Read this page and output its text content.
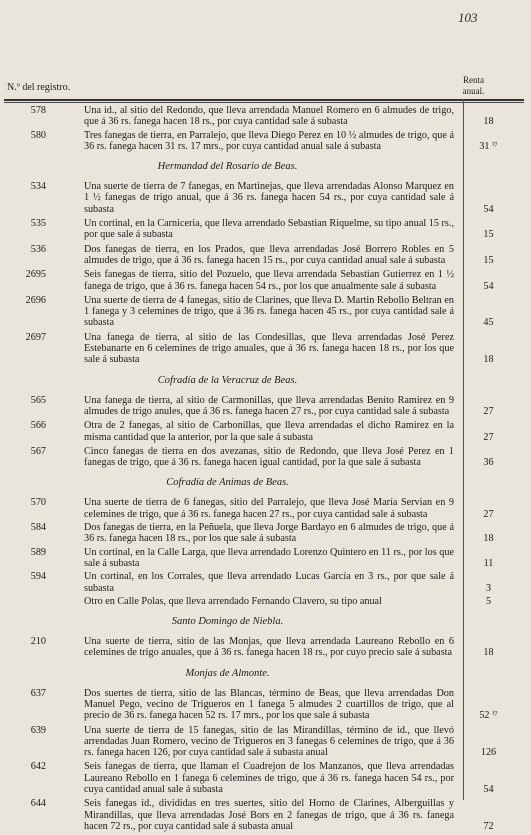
103
N.º del registro.
Renta
anual.
578	Una id., al sitio del Redondo, que lleva arrendada Manuel Romero en 6 almudes de trigo, que á 36 rs. fanega hacen 18 rs., por cuya cantidad sale á subasta	18
580	Tres fanegas de tierra, en Parralejo, que lleva Diego Perez en 10 ½ almudes de trigo, que á 36 rs. fanega hacen 31 rs. 17 mrs., por cuya cantidad anual sale á subasta	31 ⁱ⁷
Hermandad del Rosario de Beas.
534	Una suerte de tierra de 7 fanegas, en Martinejas, que lleva arrendadas Alonso Marquez en 1 ½ fanegas de trigo anual, que á 36 rs. fanega hacen 54 rs., por cuya cantidad sale á subasta	54
535	Un cortinal, en la Carniceria, que lleva arrendado Sebastian Riquelme, su tipo anual 15 rs., por que sale á subasta	15
536	Dos fanegas de tierra, en los Prados, que lleva arrendadas José Borrero Robles en 5 almudes de trigo, que á 36 rs. fanega hacen 15 rs., por cuya cantidad anual sale á subasta	15
2695	Seis fanegas de tierra, sitio del Pozuelo, que lleva arrendada Sebastian Gutierrez en 1 ½ fanega de trigo, que á 36 rs. fanega hacen 54 rs., por los que anualmente sale á subasta	54
2696	Una suerte de tierra de 4 fanegas, sitio de Clarines, que lleva D. Martin Rebollo Beltran en 1 fanega y 3 celemines de trigo, que á 36 rs. fanega hacen 45 rs., por cuya cantidad sale á subasta	45
2697	Una fanega de tierra, al sitio de las Condesillas, que lleva arrendadas José Perez Estebanarte en 6 celemines de trigo anuales, que á 36 rs. fanega hacen 18 rs., por los que sale á subasta	18
Cofradía de la Veracruz de Beas.
565	Una fanega de tierra, al sitio de Carmonillas, que lleva arrendadas Benito Ramirez en 9 almudes de trigo anules, que á 36 rs. fanega hacen 27 rs., por cuya cantidad sale á subasta	27
566	Otra de 2 fanegas, al sitio de Carbonillas, que lleva arrendadas el dicho Ramirez en la misma cantidad que la anterior, por la que sale á subasta	27
567	Cinco fanegas de tierra en dos avezanas, sitio de Redondo, que lleva José Perez en 1 fanegas de trigo, que á 36 rs. fanega hacen igual cantidad, por la que sale á subasta	36
Cofradía de Animas de Beas.
570	Una suerte de tierra de 6 fanegas, sitio del Parralejo, que lleva José María Servian en 9 celemines de trigo, que á 36 rs. fanega hacen 27 rs., por cuya cantidad sale á subasta	27
584	Dos fanegas de tierra, en la Peñuela, que lleva Jorge Bardayo en 6 almudes de trigo, que á 36 rs. fanega hacen 18 rs., por los que sale á subasta	18
589	Un cortinal, en la Calle Larga, que lleva arrendado Lorenzo Quintero en 11 rs., por los que sale á subasta	11
594	Un cortinal, en los Corrales, que lleva arrendado Lucas García en 3 rs., por que sale á subasta	3
Otro en Calle Polas, que lleva arrendado Fernando Clavero, su tipo anual	5
Santo Domingo de Niebla.
210	Una suerte de tierra, sitio de las Monjas, que lleva arrendada Laureano Rebollo en 6 celemines de trigo anuales, que á 36 rs. fanega hacen 18 rs., por cuyo precio sale á subasta	18
Monjas de Almonte.
637	Dos suertes de tierra, sitio de las Blancas, término de Beas, que lleva arrendadas Don Manuel Pego, vecino de Trigueros en 1 fanega 5 almudes 2 cuartillos de trigo, que al precio de 36 rs. fanega hacen 52 rs. 17 mrs., por los que sale á subasta	52 ⁱ⁷
639	Una suerte de tierra de 15 fanegas, sitio de las Mirandillas, término de id., que llevó arrendadas Juan Romero, vecino de Trigueros en 3 fanegas 6 celemines de trigo, que á 36 rs. fanega hacen 126, por cuya cantidad sale á subasta anual	126
642	Seis fanegas de tierra, que llaman el Cuadrejon de los Manzanos, que lleva arrendadas Laureano Rebollo en 1 fanega 6 celemines de trigo, que á 36 rs. fanega hacen 54 rs., por cuya cantidad anual sale á subasta	54
644	Seis fanegas id., divididas en tres suertes, sitio del Horno de Clarines, Alberguillas y Mirandillas, que lleva arrendadas José Bors en 2 fanegas de trigo, que á 36 rs. fanega hacen 72 rs., por cuya cantidad sale á subasta anual	72
